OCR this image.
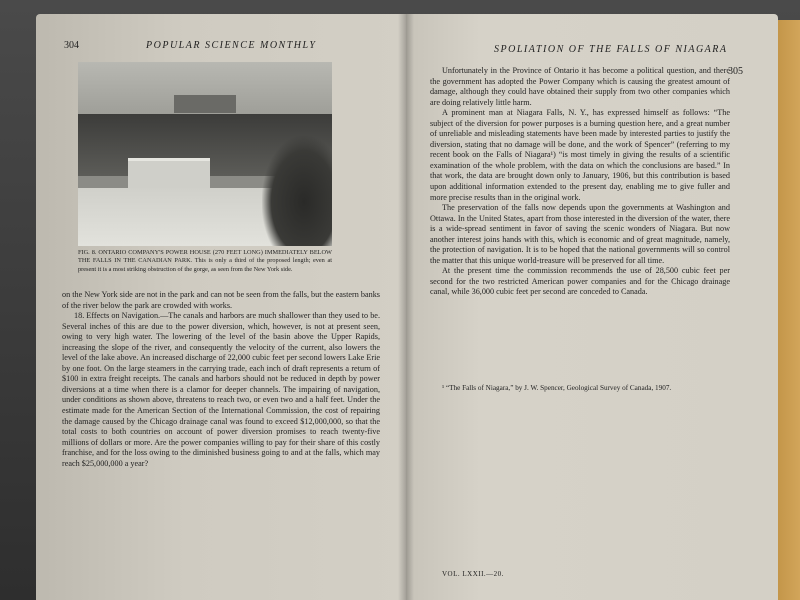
304	POPULAR SCIENCE MONTHLY
FIG. 8. ONTARIO COMPANY'S POWER HOUSE (270 FEET LONG) IMMEDIATELY BELOW THE FALLS IN THE CANADIAN PARK. This is only a third of the proposed length; even at present it is a most striking obstruction of the gorge, as seen from the New York side.

on the New York side are not in the park and can not be seen from the falls, but the eastern banks of the river below the park are crowded with works.

18. Effects on Navigation.—The canals and harbors are much shallower than they used to be. Several inches of this are due to the power diversion, which, however, is not at present seen, owing to very high water. The lowering of the level of the basin above the Upper Rapids, increasing the slope of the river, and consequently the velocity of the current, also lowers the level of the lake above. An increased discharge of 22,000 cubic feet per second lowers Lake Erie by one foot. On the large steamers in the carrying trade, each inch of draft represents a return of $100 in extra freight receipts. The canals and harbors should not be reduced in depth by power diversions at a time when there is a clamor for deeper channels. The impairing of navigation, under conditions as shown above, threatens to reach two, or even two and a half feet. Under the estimate made for the American Section of the International Commission, the cost of repairing the damage caused by the Chicago drainage canal was found to exceed $12,000,000, so that the total costs to both countries on account of power diversion promises to reach twenty-five millions of dollars or more. Are the power companies willing to pay for their share of this costly franchise, and for the loss owing to the diminished business going to and at the falls, which may reach $25,000,000 a year?

SPOLIATION OF THE FALLS OF NIAGARA
305

Unfortunately in the Province of Ontario it has become a political question, and there the government has adopted the Power Company which is causing the greatest amount of damage, although they could have obtained their supply from two other companies which are doing relatively little harm.

A prominent man at Niagara Falls, N. Y., has expressed himself as follows: “The subject of the diversion for power purposes is a burning question here, and a great number of unreliable and misleading statements have been made by interested parties to justify the diversion, stating that no damage will be done, and the work of Spencer” (referring to my recent book on the Falls of Niagara¹) “is most timely in giving the results of a scientific examination of the whole problem, with the data on which the conclusions are based.” In that work, the data are brought down only to January, 1906, but this contribution is based upon additional information extended to the present day, enabling me to give fuller and more precise results than in the original work.

The preservation of the falls now depends upon the governments at Washington and Ottawa. In the United States, apart from those interested in the diversion of the water, there is a wide-spread sentiment in favor of saving the scenic wonders of Niagara. But now another interest joins hands with this, which is economic and of great magnitude, namely, the protection of navigation. It is to be hoped that the national governments will so control the matter that this unique world-treasure will be preserved for all time.

At the present time the commission recommends the use of 28,500 cubic feet per second for the two restricted American power companies and for the Chicago drainage canal, while 36,000 cubic feet per second are conceded to Canada.

¹ “The Falls of Niagara,” by J. W. Spencer, Geological Survey of Canada, 1907.
VOL. LXXII.—20.
